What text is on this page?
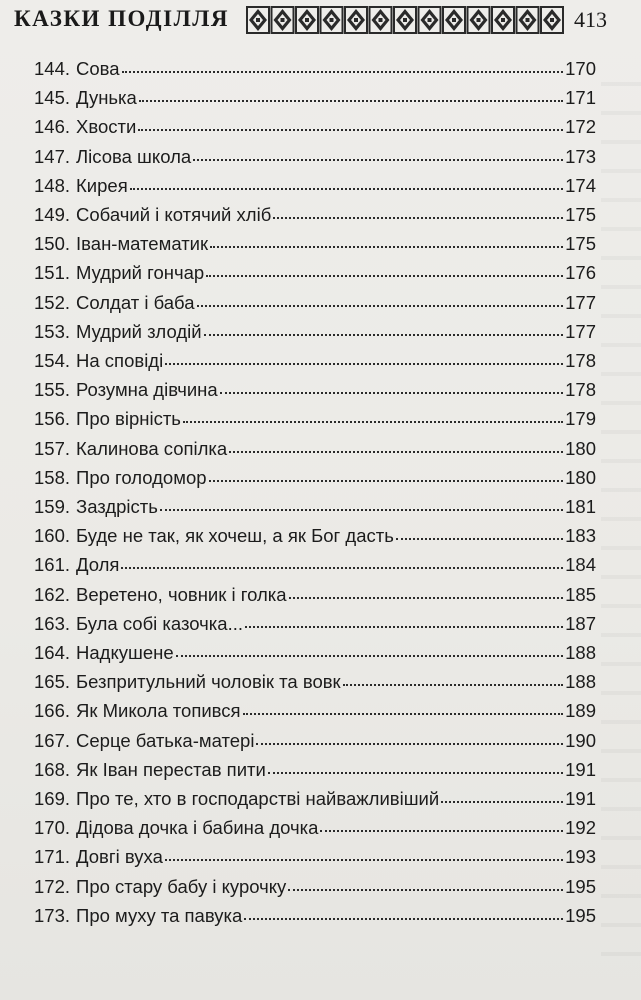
КАЗКИ ПОДІЛЛЯ	413
144. Сова	170
145. Дунька	171
146. Хвости	172
147. Лісова школа	173
148. Кирея	174
149. Собачий і котячий хліб	175
150. Іван-математик	175
151. Мудрий гончар	176
152. Солдат і баба	177
153. Мудрий злодій	177
154. На сповіді	178
155. Розумна дівчина	178
156. Про вірність	179
157. Калинова сопілка	180
158. Про голодомор	180
159. Заздрість	181
160. Буде не так, як хочеш, а як Бог дасть	183
161. Доля	184
162. Веретено, човник і голка	185
163. Була собі казочка...	187
164. Надкушене	188
165. Безпритульний чоловік та вовк	188
166. Як Микола топився	189
167. Серце батька-матері	190
168. Як Іван перестав пити	191
169. Про те, хто в господарстві найважливіший	191
170. Дідова дочка і бабина дочка	192
171. Довгі вуха	193
172. Про стару бабу і курочку	195
173. Про муху та павука	195
